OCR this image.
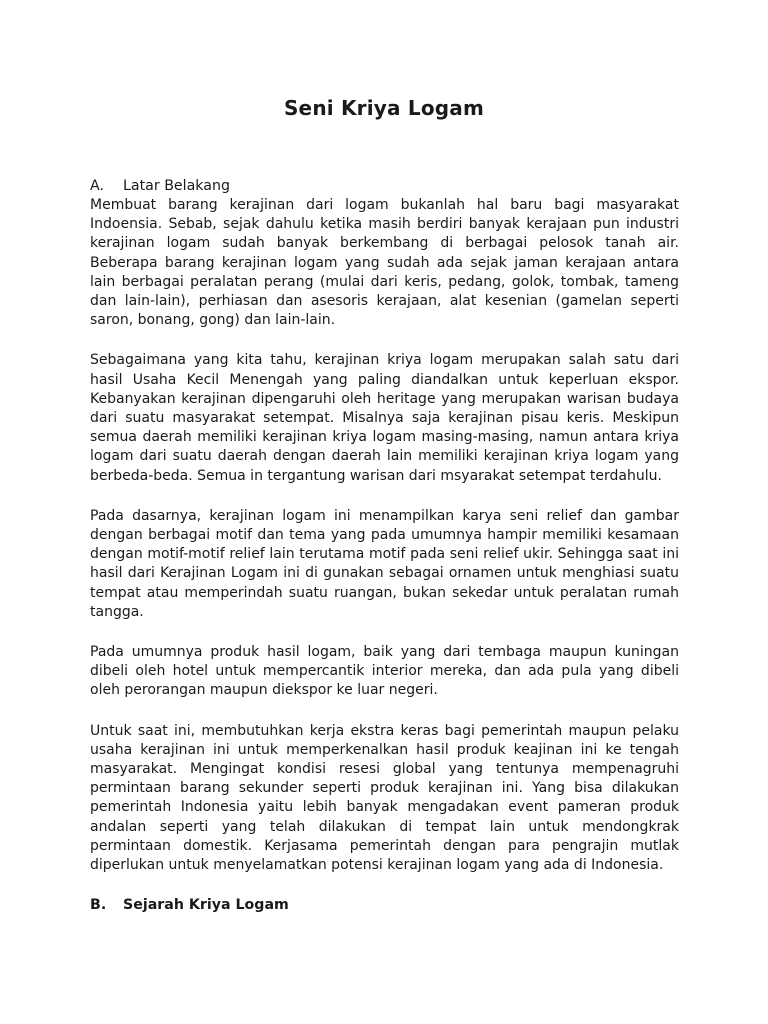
Seni Kriya Logam
A. Latar Belakang

Membuat barang kerajinan dari logam bukanlah hal baru bagi masyarakat Indoensia. Sebab, sejak dahulu ketika masih berdiri banyak kerajaan pun industri kerajinan logam sudah banyak berkembang di berbagai pelosok tanah air. Beberapa barang kerajinan logam yang sudah ada sejak jaman kerajaan antara lain berbagai peralatan perang (mulai dari keris, pedang, golok, tombak, tameng dan lain-lain), perhiasan dan asesoris kerajaan, alat kesenian (gamelan seperti saron, bonang, gong) dan lain-lain.

Sebagaimana yang kita tahu, kerajinan kriya logam merupakan salah satu dari hasil Usaha Kecil Menengah yang paling diandalkan untuk keperluan ekspor. Kebanyakan kerajinan dipengaruhi oleh heritage yang merupakan warisan budaya dari suatu masyarakat setempat. Misalnya saja kerajinan pisau keris. Meskipun semua daerah memiliki kerajinan kriya logam masing-masing, namun antara kriya logam dari suatu daerah dengan daerah lain memiliki kerajinan kriya logam yang berbeda-beda. Semua in tergantung warisan dari msyarakat setempat terdahulu.

Pada dasarnya, kerajinan logam ini menampilkan karya seni relief dan gambar dengan berbagai motif dan tema yang pada umumnya hampir memiliki kesamaan dengan motif-motif relief lain terutama motif pada seni relief ukir. Sehingga saat ini hasil dari Kerajinan Logam ini di gunakan sebagai ornamen untuk menghiasi suatu tempat atau memperindah suatu ruangan, bukan sekedar untuk peralatan rumah tangga.

Pada umumnya produk hasil logam, baik yang dari tembaga maupun kuningan dibeli oleh hotel untuk mempercantik interior mereka, dan ada pula yang dibeli oleh perorangan maupun diekspor ke luar negeri.

Untuk saat ini, membutuhkan kerja ekstra keras bagi pemerintah maupun pelaku usaha kerajinan ini untuk memperkenalkan hasil produk keajinan ini ke tengah masyarakat. Mengingat kondisi resesi global yang tentunya mempenagruhi permintaan barang sekunder seperti produk kerajinan ini. Yang bisa dilakukan pemerintah Indonesia yaitu lebih banyak mengadakan event pameran produk andalan seperti yang telah dilakukan di tempat lain untuk mendongkrak permintaan domestik. Kerjasama pemerintah dengan para pengrajin mutlak diperlukan untuk menyelamatkan potensi kerajinan logam yang ada di Indonesia.

B. Sejarah Kriya Logam
